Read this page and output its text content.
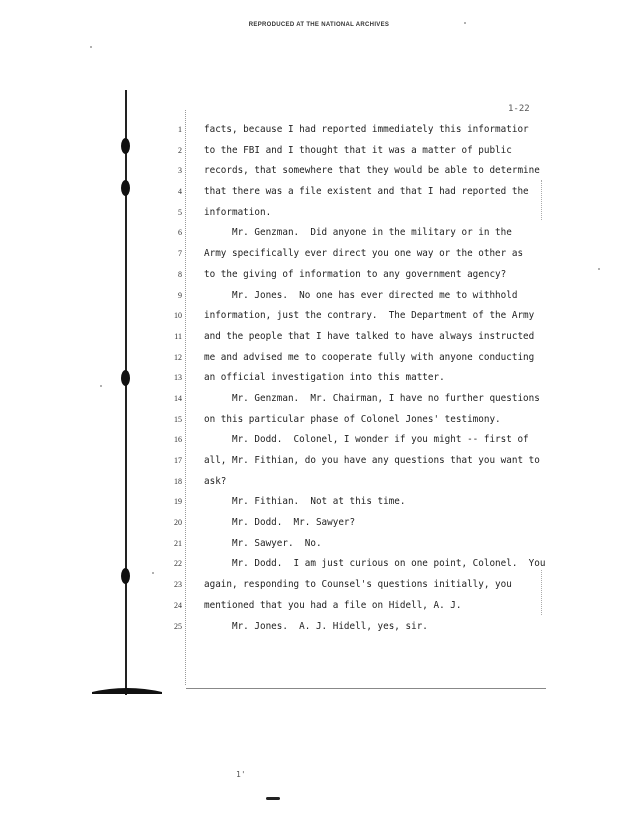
REPRODUCED AT THE NATIONAL ARCHIVES
1-22
1 facts, because I had reported immediately this informatior
2 to the FBI and I thought that it was a matter of public
3 records, that somewhere that they would be able to determine
4 that there was a file existent and that I had reported the
5 information.
6 Mr. Genzman.  Did anyone in the military or in the
7 Army specifically ever direct you one way or the other as
8 to the giving of information to any government agency?
9 Mr. Jones.  No one has ever directed me to withhold
10 information, just the contrary.  The Department of the Army
11 and the people that I have talked to have always instructed
12 me and advised me to cooperate fully with anyone conducting
13 an official investigation into this matter.
14 Mr. Genzman.  Mr. Chairman, I have no further questions
15 on this particular phase of Colonel Jones' testimony.
16 Mr. Dodd.  Colonel, I wonder if you might -- first of
17 all, Mr. Fithian, do you have any questions that you want to
18 ask?
19 Mr. Fithian.  Not at this time.
20 Mr. Dodd.  Mr. Sawyer?
21 Mr. Sawyer.  No.
22 Mr. Dodd.  I am just curious on one point, Colonel.  You
23 again, responding to Counsel's questions initially, you
24 mentioned that you had a file on Hidell, A. J.
25 Mr. Jones.  A. J. Hidell, yes, sir.
1'
